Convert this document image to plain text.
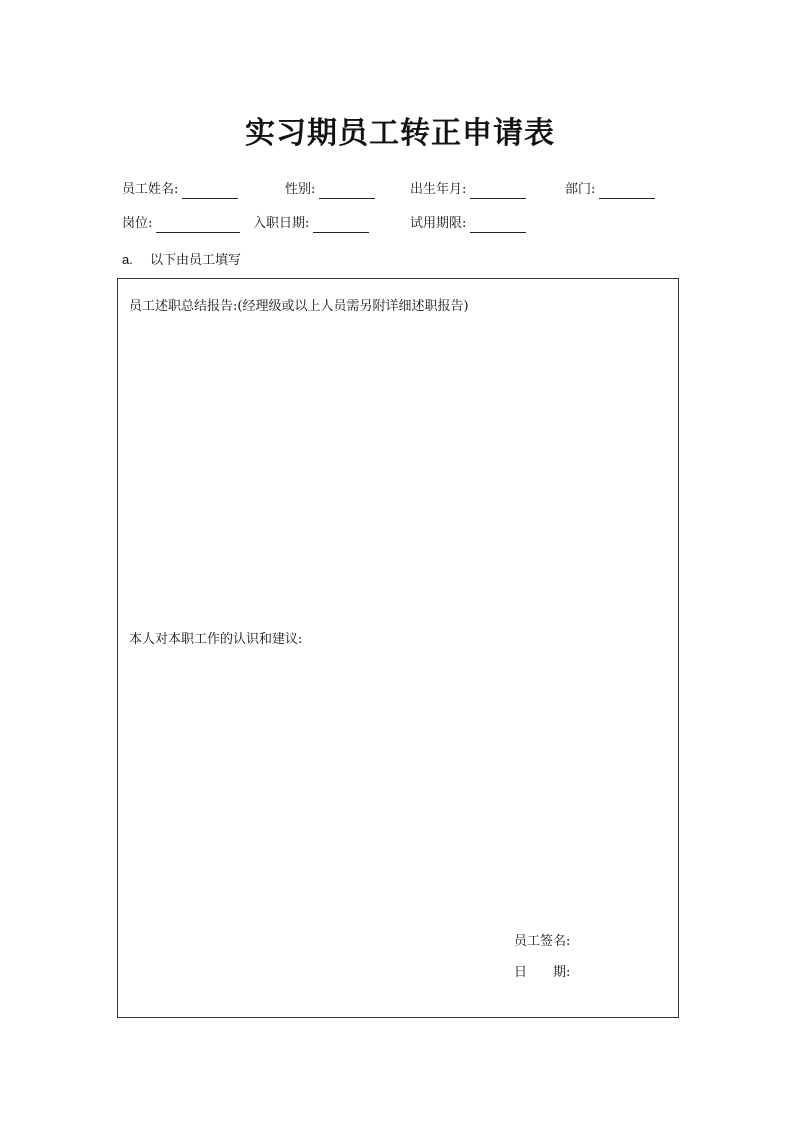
实习期员工转正申请表
员工姓名:	性别:	出生年月:	部门:
岗位:	入职日期:	试用期限:
a. 以下由员工填写
员工述职总结报告:(经理级或以上人员需另附详细述职报告)
本人对本职工作的认识和建议:
员工签名:
日 期:
